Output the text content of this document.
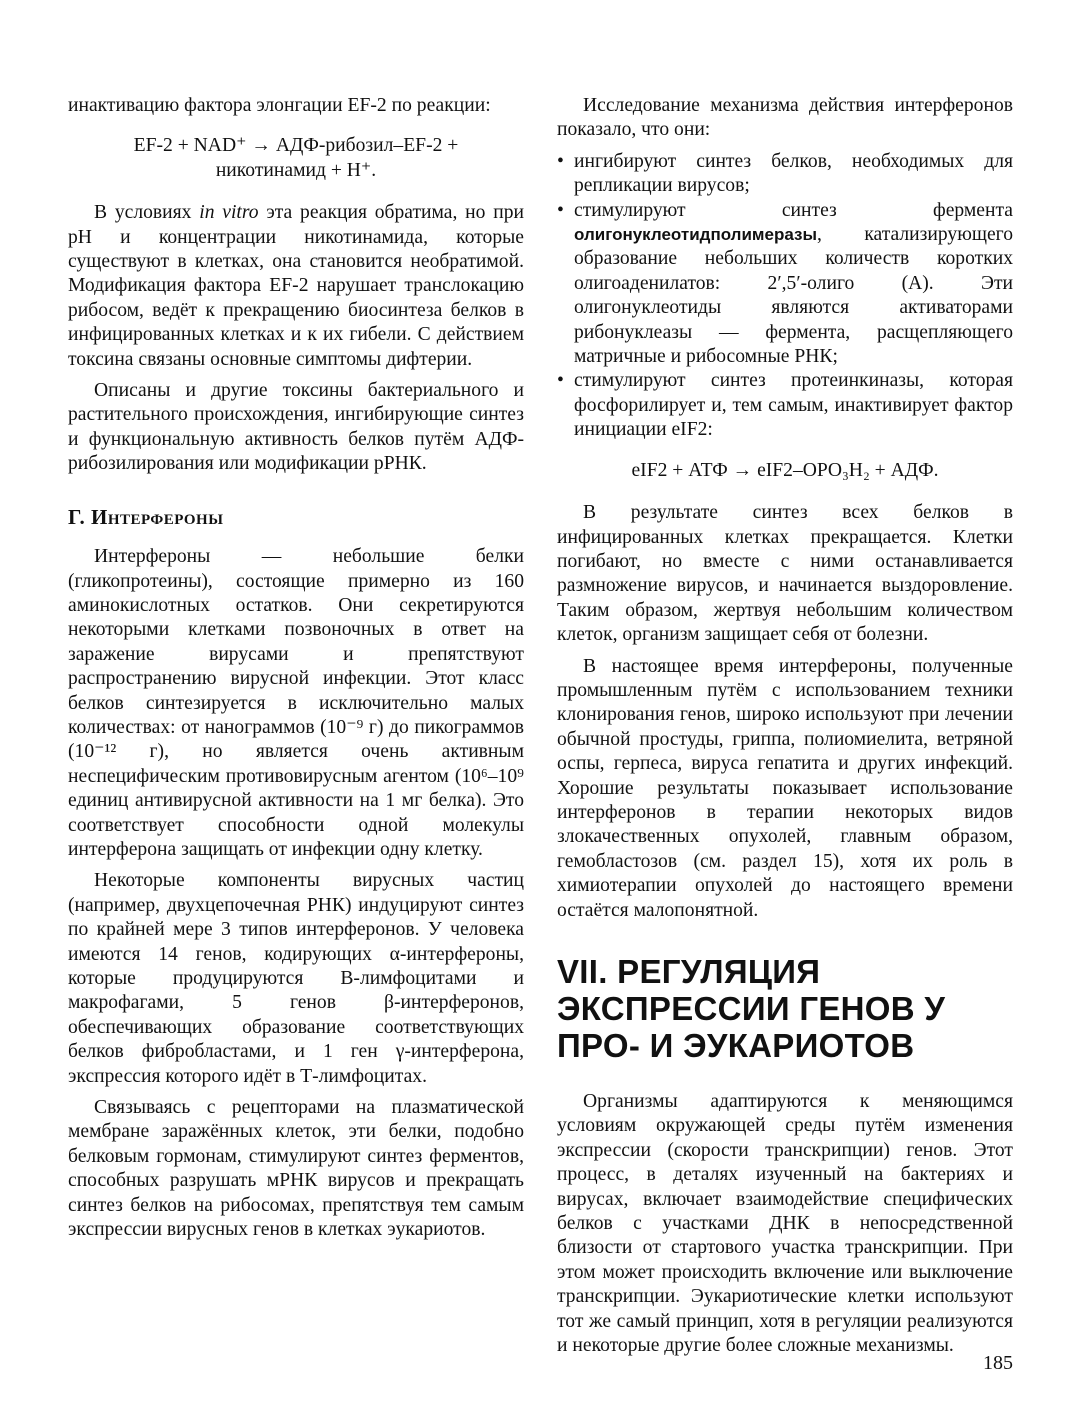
инактивацию фактора элонгации EF-2 по реакции:

EF-2 + NAD⁺ → АДФ-рибозил–EF-2 +
никотинамид + H⁺.

В условиях in vitro эта реакция обратима, но при pH и концентрации никотинамида, которые существуют в клетках, она становится необратимой. Модификация фактора EF-2 нарушает транслокацию рибосом, ведёт к прекращению биосинтеза белков в инфицированных клетках и к их гибели. С действием токсина связаны основные симптомы дифтерии.

Описаны и другие токсины бактериального и растительного происхождения, ингибирующие синтез и функциональную активность белков путём АДФ-рибозилирования или модификации рРНК.

Г. Интерфероны

Интерфероны — небольшие белки (гликопротеины), состоящие примерно из 160 аминокислотных остатков. Они секретируются некоторыми клетками позвоночных в ответ на заражение вирусами и препятствуют распространению вирусной инфекции. Этот класс белков синтезируется в исключительно малых количествах: от нанограммов (10⁻⁹ г) до пикограммов (10⁻¹² г), но является очень активным неспецифическим противовирусным агентом (10⁶–10⁹ единиц антивирусной активности на 1 мг белка). Это соответствует способности одной молекулы интерферона защищать от инфекции одну клетку.

Некоторые компоненты вирусных частиц (например, двухцепочечная РНК) индуцируют синтез по крайней мере 3 типов интерферонов. У человека имеются 14 генов, кодирующих α-интерфероны, которые продуцируются В-лимфоцитами и макрофагами, 5 генов β-интерферонов, обеспечивающих образование соответствующих белков фибробластами, и 1 ген γ-интерферона, экспрессия которого идёт в Т-лимфоцитах.

Связываясь с рецепторами на плазматической мембране заражённых клеток, эти белки, подобно белковым гормонам, стимулируют синтез ферментов, способных разрушать мРНК вирусов и прекращать синтез белков на рибосомах, препятствуя тем самым экспрессии вирусных генов в клетках эукариотов.

Исследование механизма действия интерферонов показало, что они:

• ингибируют синтез белков, необходимых для репликации вирусов;
• стимулируют синтез фермента олигонуклеотидполимеразы, катализирующего образование небольших количеств коротких олигоаденилатов: 2′,5′-олиго (А). Эти олигонуклеотиды являются активаторами рибонуклеазы — фермента, расщепляющего матричные и рибосомные РНК;
• стимулируют синтез протеинкиназы, которая фосфорилирует и, тем самым, инактивирует фактор инициации eIF2:
eIF2 + АТФ → eIF2–OPO₃H₂ + АДФ.

В результате синтез всех белков в инфицированных клетках прекращается. Клетки погибают, но вместе с ними останавливается размножение вирусов, и начинается выздоровление. Таким образом, жертвуя небольшим количеством клеток, организм защищает себя от болезни.

В настоящее время интерфероны, полученные промышленным путём с использованием техники клонирования генов, широко используют при лечении обычной простуды, гриппа, полиомиелита, ветряной оспы, герпеса, вируса гепатита и других инфекций. Хорошие результаты показывает использование интерферонов в терапии некоторых видов злокачественных опухолей, главным образом, гемобластозов (см. раздел 15), хотя их роль в химиотерапии опухолей до настоящего времени остаётся малопонятной.

VII. РЕГУЛЯЦИЯ ЭКСПРЕССИИ ГЕНОВ У ПРО- И ЭУКАРИОТОВ

Организмы адаптируются к меняющимся условиям окружающей среды путём изменения экспрессии (скорости транскрипции) генов. Этот процесс, в деталях изученный на бактериях и вирусах, включает взаимодействие специфических белков с участками ДНК в непосредственной близости от стартового участка транскрипции. При этом может происходить включение или выключение транскрипции. Эукариотические клетки используют тот же самый принцип, хотя в регуляции реализуются и некоторые другие более сложные механизмы.

185
